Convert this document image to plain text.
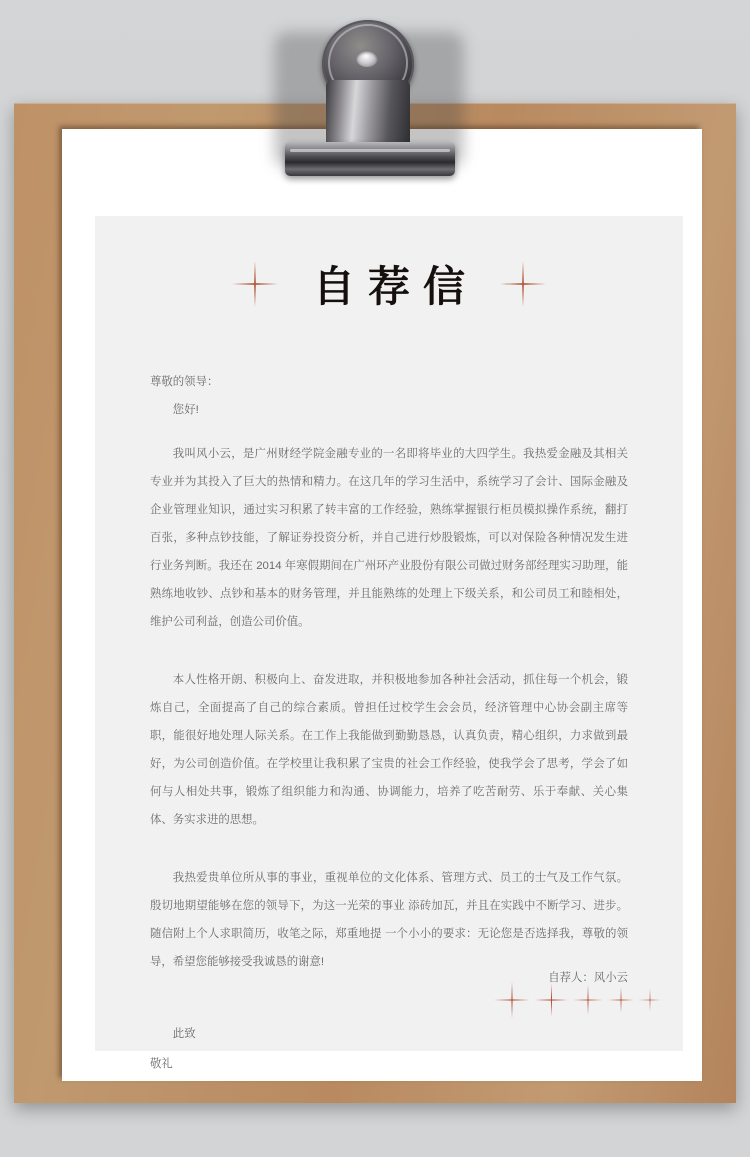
自荐信

尊敬的领导：

您好!

我叫风小云，是广州财经学院金融专业的一名即将毕业的大四学生。我热爱金融及其相关专业并为其投入了巨大的热情和精力。在这几年的学习生活中，系统学习了会计、国际金融及企业管理业知识，通过实习积累了转丰富的工作经验，熟练掌握银行柜员模拟操作系统，翻打百张，多种点钞技能，了解证券投资分析，并自己进行炒股锻炼，可以对保险各种情况发生进行业务判断。我还在 2014 年寒假期间在广州环产业股份有限公司做过财务部经理实习助理，能熟练地收钞、点钞和基本的财务管理，并且能熟练的处理上下级关系，和公司员工和睦相处，维护公司利益，创造公司价值。

本人性格开朗、积极向上、奋发进取，并积极地参加各种社会活动，抓住每一个机会，锻炼自己，全面提高了自己的综合素质。曾担任过校学生会会员，经济管理中心协会副主席等职，能很好地处理人际关系。在工作上我能做到勤勤恳恳，认真负责，精心组织，力求做到最好，为公司创造价值。在学校里让我积累了宝贵的社会工作经验，使我学会了思考，学会了如何与人相处共事，锻炼了组织能力和沟通、协调能力，培养了吃苦耐劳、乐于奉献、关心集体、务实求进的思想。

我热爱贵单位所从事的事业，重视单位的文化体系、管理方式、员工的士气及工作气氛。殷切地期望能够在您的领导下，为这一光荣的事业 添砖加瓦，并且在实践中不断学习、进步。随信附上个人求职简历，收笔之际，郑重地提 一个小小的要求：无论您是否选择我，尊敬的领导，希望您能够接受我诚恳的谢意!

此致

敬礼

自荐人：风小云
